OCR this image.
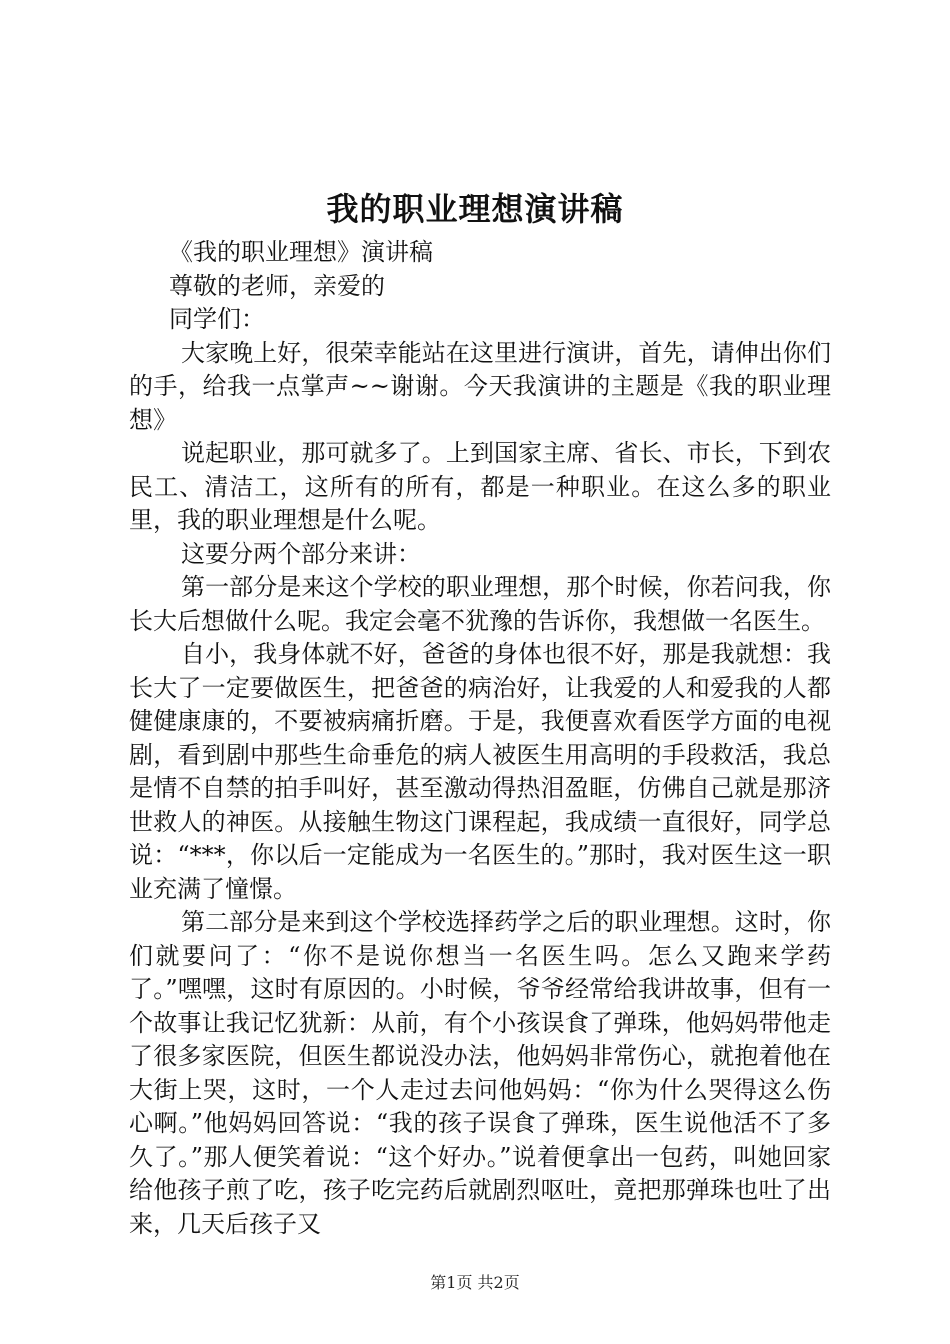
我的职业理想演讲稿

《我的职业理想》演讲稿

尊敬的老师，亲爱的

同学们：

大家晚上好，很荣幸能站在这里进行演讲，首先，请伸出你们的手，给我一点掌声~~谢谢。今天我演讲的主题是《我的职业理想》

说起职业，那可就多了。上到国家主席、省长、市长，下到农民工、清洁工，这所有的所有，都是一种职业。在这么多的职业里，我的职业理想是什么呢。

这要分两个部分来讲：

第一部分是来这个学校的职业理想，那个时候，你若问我，你长大后想做什么呢。我定会毫不犹豫的告诉你，我想做一名医生。

自小，我身体就不好，爸爸的身体也很不好，那是我就想：我长大了一定要做医生，把爸爸的病治好，让我爱的人和爱我的人都健健康康的，不要被病痛折磨。于是，我便喜欢看医学方面的电视剧，看到剧中那些生命垂危的病人被医生用高明的手段救活，我总是情不自禁的拍手叫好，甚至激动得热泪盈眶，仿佛自己就是那济世救人的神医。从接触生物这门课程起，我成绩一直很好，同学总说：“***，你以后一定能成为一名医生的。”那时，我对医生这一职业充满了憧憬。

第二部分是来到这个学校选择药学之后的职业理想。这时，你们就要问了：“你不是说你想当一名医生吗。怎么又跑来学药了。”嘿嘿，这时有原因的。小时候，爷爷经常给我讲故事，但有一个故事让我记忆犹新：从前，有个小孩误食了弹珠，他妈妈带他走了很多家医院，但医生都说没办法，他妈妈非常伤心，就抱着他在大街上哭，这时，一个人走过去问他妈妈：“你为什么哭得这么伤心啊。”他妈妈回答说：“我的孩子误食了弹珠，医生说他活不了多久了。”那人便笑着说：“这个好办。”说着便拿出一包药，叫她回家给他孩子煎了吃，孩子吃完药后就剧烈呕吐，竟把那弹珠也吐了出来，几天后孩子又

第1页 共2页
